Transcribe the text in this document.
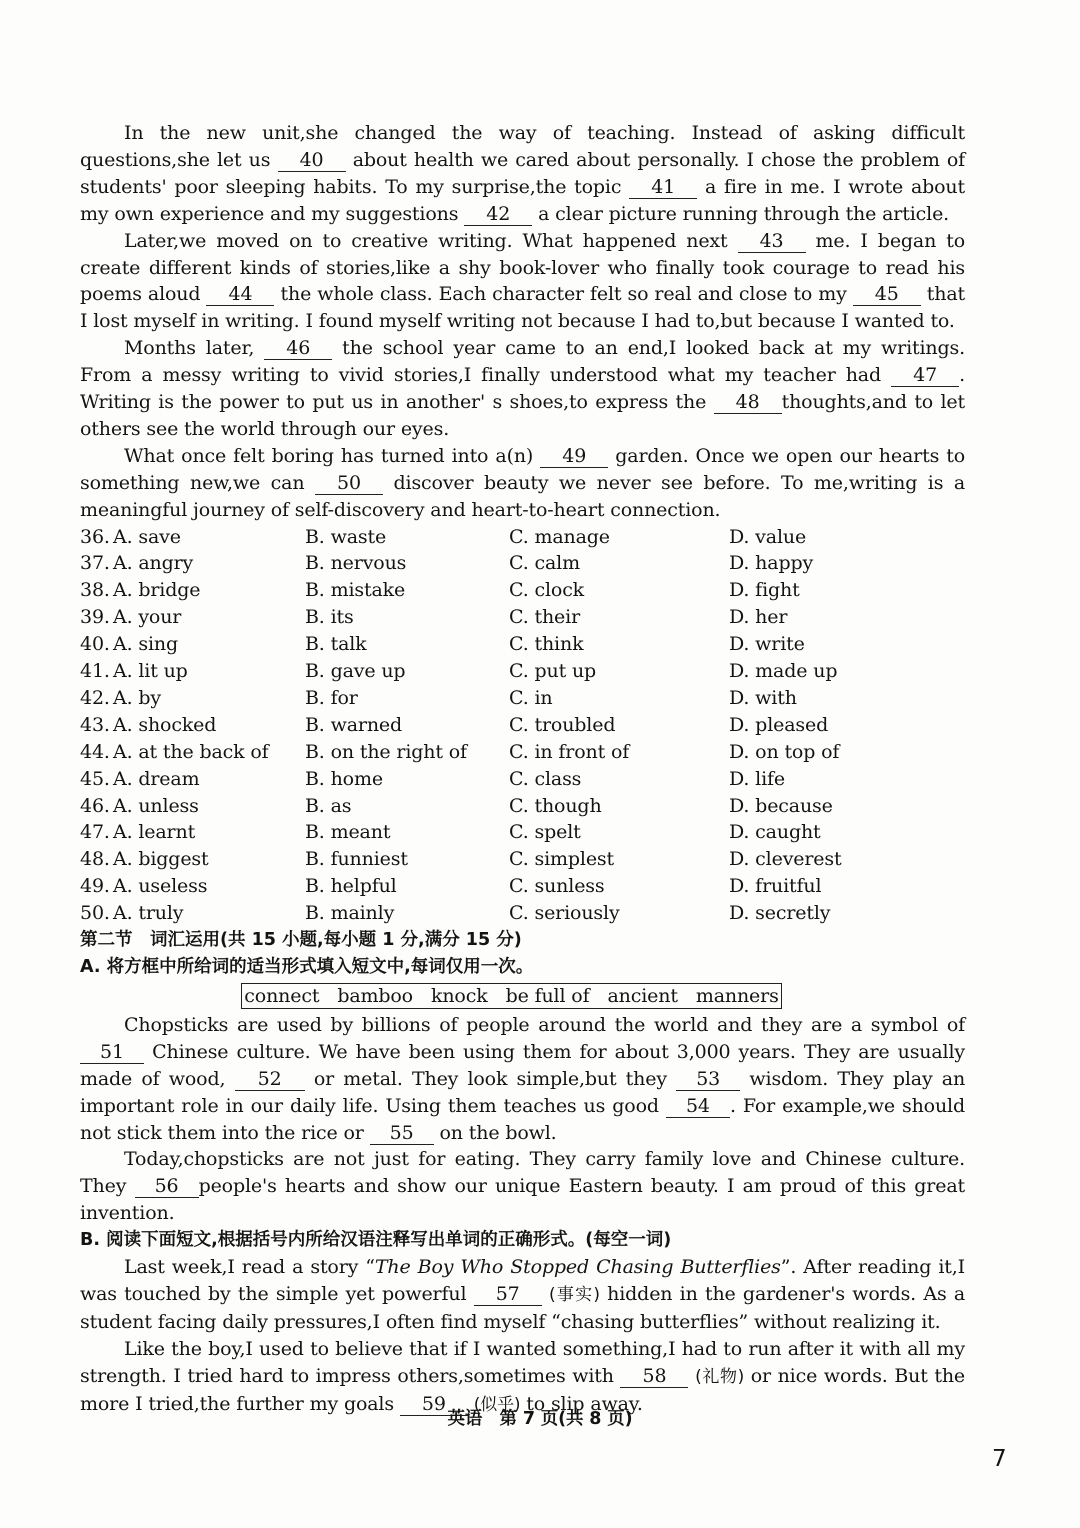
In the new unit,she changed the way of teaching. Instead of asking difficult questions,she let us 40 about health we cared about personally. I chose the problem of students' poor sleeping habits. To my surprise,the topic 41 a fire in me. I wrote about my own experience and my suggestions 42 a clear picture running through the article.

Later,we moved on to creative writing. What happened next 43 me. I began to create different kinds of stories,like a shy book-lover who finally took courage to read his poems aloud 44 the whole class. Each character felt so real and close to my 45 that I lost myself in writing. I found myself writing not because I had to,but because I wanted to.

Months later, 46 the school year came to an end,I looked back at my writings. From a messy writing to vivid stories,I finally understood what my teacher had 47 . Writing is the power to put us in another' s shoes,to express the 48 thoughts,and to let others see the world through our eyes.

What once felt boring has turned into a(n) 49 garden. Once we open our hearts to something new,we can 50 discover beauty we never see before. To me,writing is a meaningful journey of self-discovery and heart-to-heart connection.

36. A. save	B. waste	C. manage	D. value
37. A. angry	B. nervous	C. calm	D. happy
38. A. bridge	B. mistake	C. clock	D. fight
39. A. your	B. its	C. their	D. her
40. A. sing	B. talk	C. think	D. write
41. A. lit up	B. gave up	C. put up	D. made up
42. A. by	B. for	C. in	D. with
43. A. shocked	B. warned	C. troubled	D. pleased
44. A. at the back of	B. on the right of	C. in front of	D. on top of
45. A. dream	B. home	C. class	D. life
46. A. unless	B. as	C. though	D. because
47. A. learnt	B. meant	C. spelt	D. caught
48. A. biggest	B. funniest	C. simplest	D. cleverest
49. A. useless	B. helpful	C. sunless	D. fruitful
50. A. truly	B. mainly	C. seriously	D. secretly
第二节　词汇运用(共 15 小题,每小题 1 分,满分 15 分)
A. 将方框中所给词的适当形式填入短文中,每词仅用一次。
connect bamboo knock be full of ancient manners

Chopsticks are used by billions of people around the world and they are a symbol of 51 Chinese culture. We have been using them for about 3,000 years. They are usually made of wood, 52 or metal. They look simple,but they 53 wisdom. They play an important role in our daily life. Using them teaches us good 54 . For example,we should not stick them into the rice or 55 on the bowl.

Today,chopsticks are not just for eating. They carry family love and Chinese culture. They 56 people's hearts and show our unique Eastern beauty. I am proud of this great invention.

B. 阅读下面短文,根据括号内所给汉语注释写出单词的正确形式。(每空一词)

Last week,I read a story “The Boy Who Stopped Chasing Butterflies”. After reading it,I was touched by the simple yet powerful 57 (事实) hidden in the gardener's words. As a student facing daily pressures,I often find myself “chasing butterflies” without realizing it.

Like the boy,I used to believe that if I wanted something,I had to run after it with all my strength. I tried hard to impress others,sometimes with 58 (礼物) or nice words. But the more I tried,the further my goals 59 (似乎) to slip away.

英语　第 7 页(共 8 页)
7
